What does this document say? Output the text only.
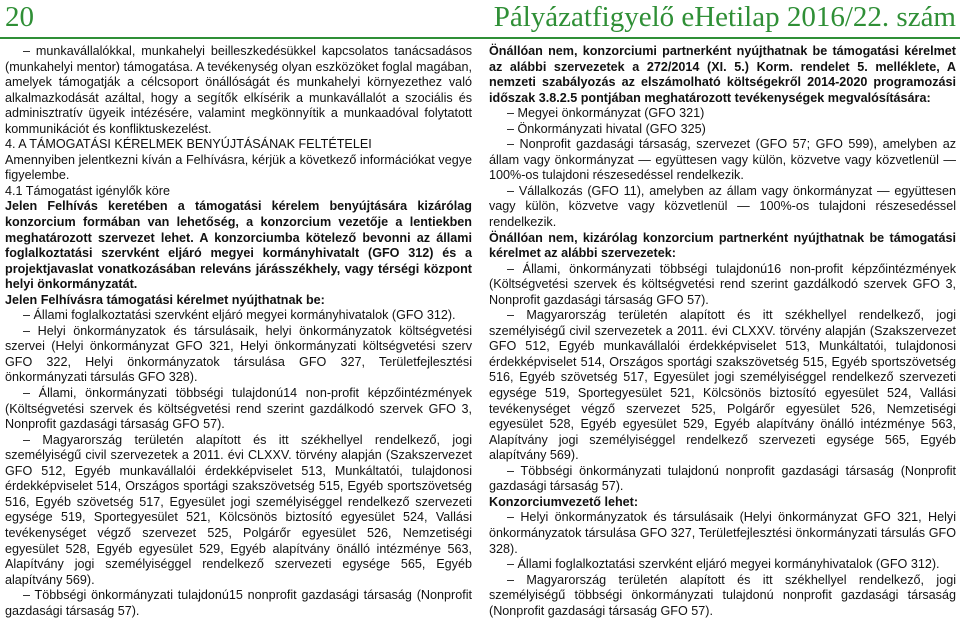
20	Pályázatfigyelő eHetilap 2016/22. szám

– munkavállalókkal, munkahelyi beilleszkedésükkel kapcsolatos tanácsadásos (munkahelyi mentor) támogatása. A tevékenység olyan eszközöket foglal magában, amelyek támogatják a célcsoport önállóságát és munkahelyi környezethez való alkalmazkodását azáltal, hogy a segítők elkísérik a munkavállalót a szociális és adminisztratív ügyeik intézésére, valamint megkönnyítik a munkaadóval folytatott kommunikációt és konfliktuskezelést.

4. A TÁMOGATÁSI KÉRELMEK BENYÚJTÁSÁNAK FELTÉTELEI

Amennyiben jelentkezni kíván a Felhívásra, kérjük a következő információkat vegye figyelembe.

4.1 Támogatást igénylők köre

Jelen Felhívás keretében a támogatási kérelem benyújtására kizárólag konzorcium formában van lehetőség, a konzorcium vezetője a lentiekben meghatározott szervezet lehet. A konzorciumba kötelező bevonni az állami foglalkoztatási szervként eljáró megyei kormányhivatalt (GFO 312) és a projektjavaslat vonatkozásában releváns járásszékhely, vagy térségi központ helyi önkormányzatát.

Jelen Felhívásra támogatási kérelmet nyújthatnak be:

– Állami foglalkoztatási szervként eljáró megyei kormányhivatalok (GFO 312).

– Helyi önkormányzatok és társulásaik, helyi önkormányzatok költségvetési szervei (Helyi önkormányzat GFO 321, Helyi önkormányzati költségvetési szerv GFO 322, Helyi önkormányzatok társulása GFO 327, Területfejlesztési önkormányzati társulás GFO 328).

– Állami, önkormányzati többségi tulajdonú14 non-profit képzőintézmények (Költségvetési szervek és költségvetési rend szerint gazdálkodó szervek GFO 3, Nonprofit gazdasági társaság GFO 57).

– Magyarország területén alapított és itt székhellyel rendelkező, jogi személyiségű civil szervezetek a 2011. évi CLXXV. törvény alapján (Szakszervezet GFO 512, Egyéb munkavállalói érdekképviselet 513, Munkáltatói, tulajdonosi érdekképviselet 514, Országos sportági szakszövetség 515, Egyéb sportszövetség 516, Egyéb szövetség 517, Egyesület jogi személyiséggel rendelkező szervezeti egysége 519, Sportegyesület 521, Kölcsönös biztosító egyesület 524, Vallási tevékenységet végző szervezet 525, Polgárőr egyesület 526, Nemzetiségi egyesület 528, Egyéb egyesület 529, Egyéb alapítvány önálló intézménye 563, Alapítvány jogi személyiséggel rendelkező szervezeti egysége 565, Egyéb alapítvány 569).

– Többségi önkormányzati tulajdonú15 nonprofit gazdasági társaság (Nonprofit gazdasági társaság 57).

Önállóan nem, konzorciumi partnerként nyújthatnak be támogatási kérelmet az alábbi szervezetek a 272/2014 (XI. 5.) Korm. rendelet 5. melléklete, A nemzeti szabályozás az elszámolható költségekről 2014-2020 programozási időszak 3.8.2.5 pontjában meghatározott tevékenységek megvalósítására:

– Megyei önkormányzat (GFO 321)

– Önkormányzati hivatal (GFO 325)

– Nonprofit gazdasági társaság, szervezet (GFO 57; GFO 599), amelyben az állam vagy önkormányzat — együttesen vagy külön, közvetve vagy közvetlenül — 100%-os tulajdoni részesedéssel rendelkezik.

– Vállalkozás (GFO 11), amelyben az állam vagy önkormányzat — együttesen vagy külön, közvetve vagy közvetlenül — 100%-os tulajdoni részesedéssel rendelkezik.

Önállóan nem, kizárólag konzorcium partnerként nyújthatnak be támogatási kérelmet az alábbi szervezetek:

– Állami, önkormányzati többségi tulajdonú16 non-profit képzőintézmények (Költségvetési szervek és költségvetési rend szerint gazdálkodó szervek GFO 3, Nonprofit gazdasági társaság GFO 57).

– Magyarország területén alapított és itt székhellyel rendelkező, jogi személyiségű civil szervezetek a 2011. évi CLXXV. törvény alapján (Szakszervezet GFO 512, Egyéb munkavállalói érdekképviselet 513, Munkáltatói, tulajdonosi érdekképviselet 514, Országos sportági szakszövetség 515, Egyéb sportszövetség 516, Egyéb szövetség 517, Egyesület jogi személyiséggel rendelkező szervezeti egysége 519, Sportegyesület 521, Kölcsönös biztosító egyesület 524, Vallási tevékenységet végző szervezet 525, Polgárőr egyesület 526, Nemzetiségi egyesület 528, Egyéb egyesület 529, Egyéb alapítvány önálló intézménye 563, Alapítvány jogi személyiséggel rendelkező szervezeti egysége 565, Egyéb alapítvány 569).

– Többségi önkormányzati tulajdonú nonprofit gazdasági társaság (Nonprofit gazdasági társaság 57).

Konzorciumvezető lehet:

– Helyi önkormányzatok és társulásaik (Helyi önkormányzat GFO 321, Helyi önkormányzatok társulása GFO 327, Területfejlesztési önkormányzati társulás GFO 328).

– Állami foglalkoztatási szervként eljáró megyei kormányhivatalok (GFO 312).

– Magyarország területén alapított és itt székhellyel rendelkező, jogi személyiségű többségi önkormányzati tulajdonú nonprofit gazdasági társaság (Nonprofit gazdasági társaság GFO 57).
